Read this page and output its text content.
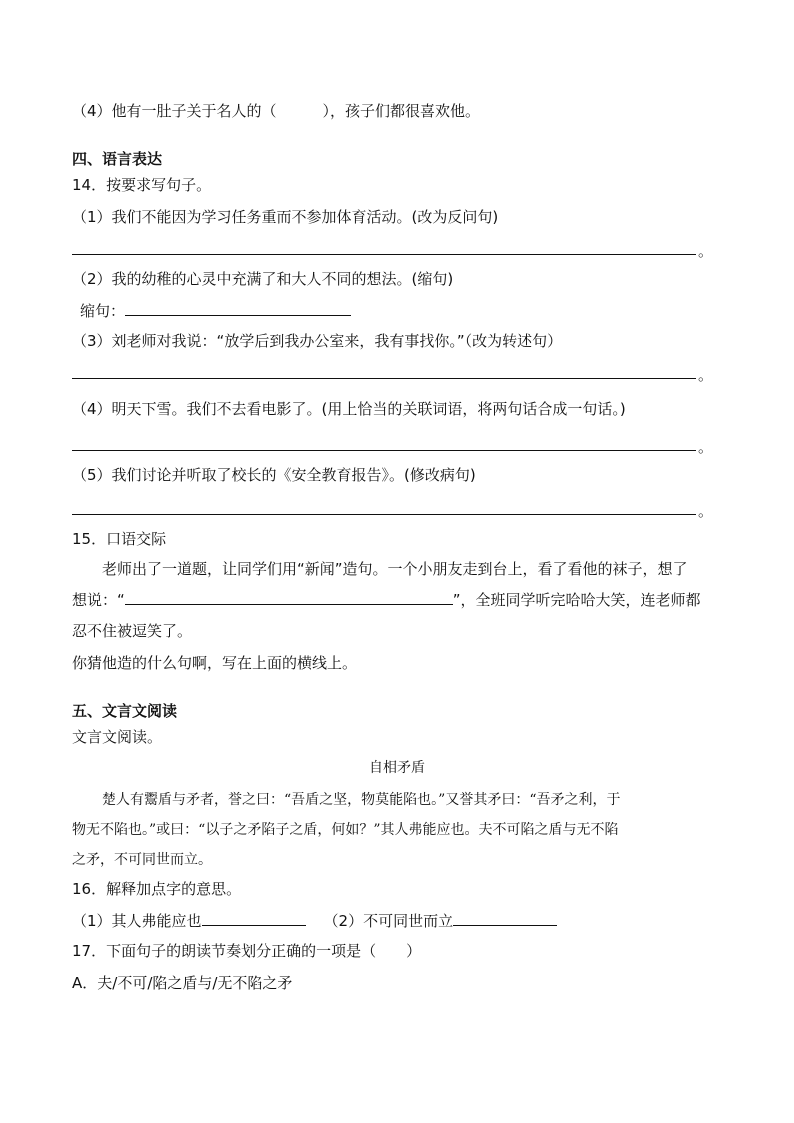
（4）他有一肚子关于名人的（	），孩子们都很喜欢他。
四、语言表达
14．按要求写句子。
（1）我们不能因为学习任务重而不参加体育活动。(改为反问句)
。
（2）我的幼稚的心灵中充满了和大人不同的想法。(缩句)
缩句：
（3）刘老师对我说：“放学后到我办公室来，我有事找你。”（改为转述句）
。
（4）明天下雪。我们不去看电影了。(用上恰当的关联词语，将两句话合成一句话。)
。
（5）我们讨论并听取了校长的《安全教育报告》。(修改病句)
。
15．口语交际
老师出了一道题，让同学们用“新闻”造句。一个小朋友走到台上，看了看他的袜子，想了
想说：“	”，全班同学听完哈哈大笑，连老师都
忍不住被逗笑了。
你猜他造的什么句啊，写在上面的横线上。
五、文言文阅读
文言文阅读。
自相矛盾
楚人有鬻盾与矛者，誉之曰：“吾盾之坚，物莫能陷也。”又誉其矛曰：“吾矛之利，于
物无不陷也。”或曰：“以子之矛陷子之盾，何如？”其人弗能应也。夫不可陷之盾与无不陷
之矛，不可同世而立。
16．解释加点字的意思。
（1）其人弗能应也	（2）不可同世而立
17．下面句子的朗读节奏划分正确的一项是（　　）
A．夫/不可/陷之盾与/无不陷之矛
